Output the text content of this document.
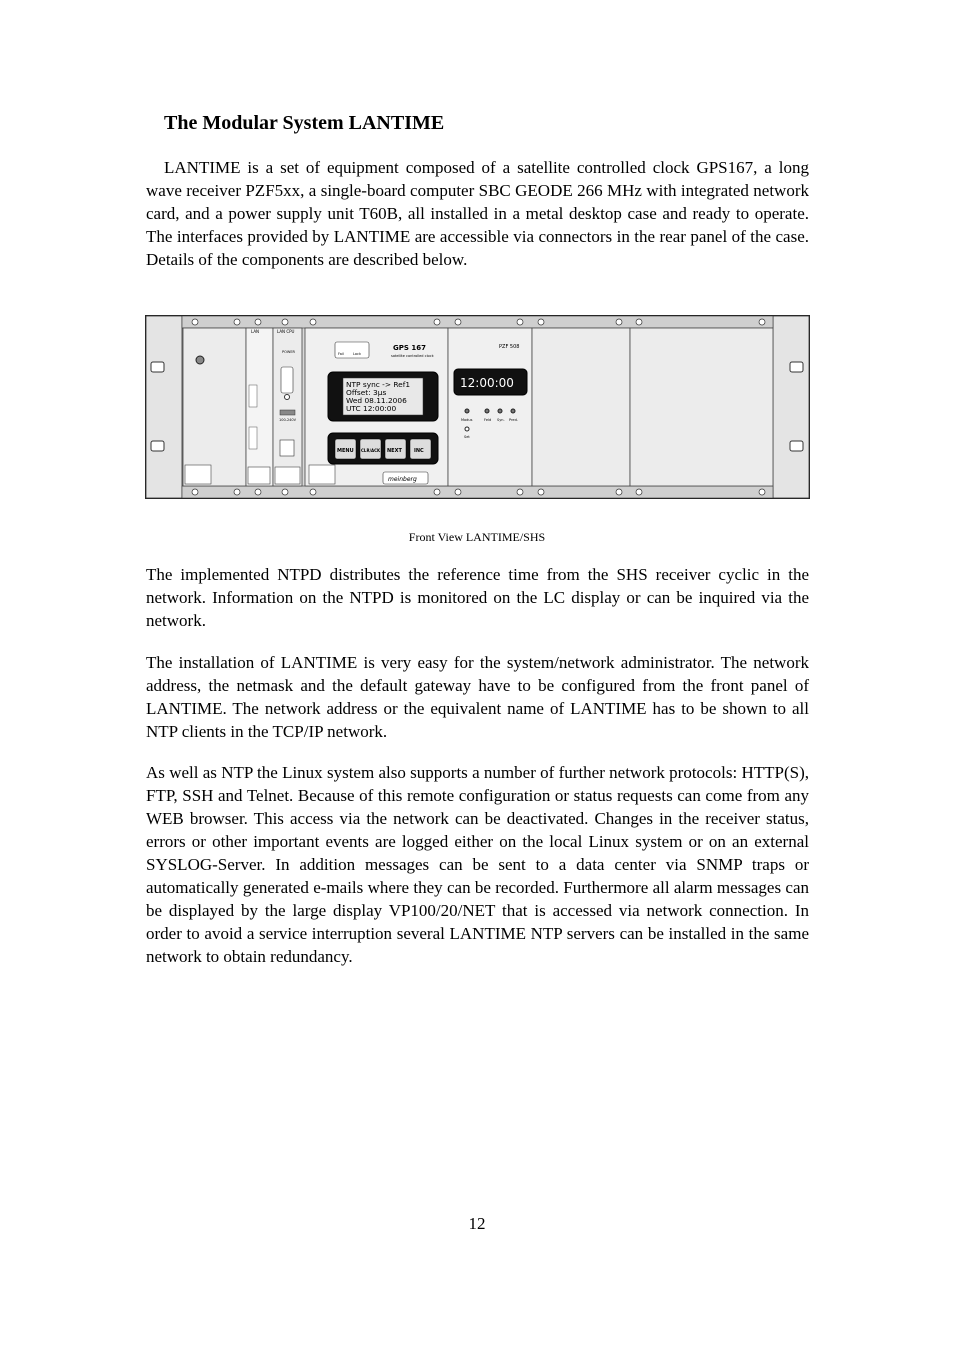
The Modular System LANTIME

LANTIME is a set of equipment composed of a satellite controlled clock GPS167, a long wave receiver PZF5xx, a single-board computer SBC GEODE 266 MHz with integrated network card, and a power supply unit T60B, all installed in a metal desktop case and ready to operate. The interfaces provided by LANTIME are accessible via connectors in the rear panel of the case. Details of the components are described below.

LAN	LAN CPU
POWER
100-240V
Fail	Lock
GPS 167
satellite controlled clock
NTP sync -> Ref1
Offset: 3µs
Wed 08.11.2006
UTC 12:00:00
MENU CLR/ACK NEXT INC
meinberg
PZF 508
12:00:00
Modus	Feld Syn. Pred.
Set
Front View LANTIME/SHS

The implemented NTPD distributes the reference time from the SHS receiver cyclic in the network. Information on the NTPD is monitored on the LC display or can be inquired via the network.

The installation of LANTIME is very easy for the system/network administrator. The network address, the netmask and the default gateway have to be configured from the front panel of LANTIME. The network address or the equivalent name of LANTIME has to be shown to all NTP clients in the TCP/IP network.

As well as NTP the Linux system also supports a number of further network protocols: HTTP(S), FTP, SSH and Telnet. Because of this remote configuration or status requests can come from any WEB browser. This access via the network can be deactivated. Changes in the receiver status, errors or other important events are logged either on the local Linux system or on an external SYSLOG-Server. In addition messages can be sent to a data center via SNMP traps or automatically generated e-mails where they can be recorded. Furthermore all alarm messages can be displayed by the large display VP100/20/NET that is accessed via network connection. In order to avoid a service interruption several LANTIME NTP servers can be installed in the same network to obtain redundancy.

12
